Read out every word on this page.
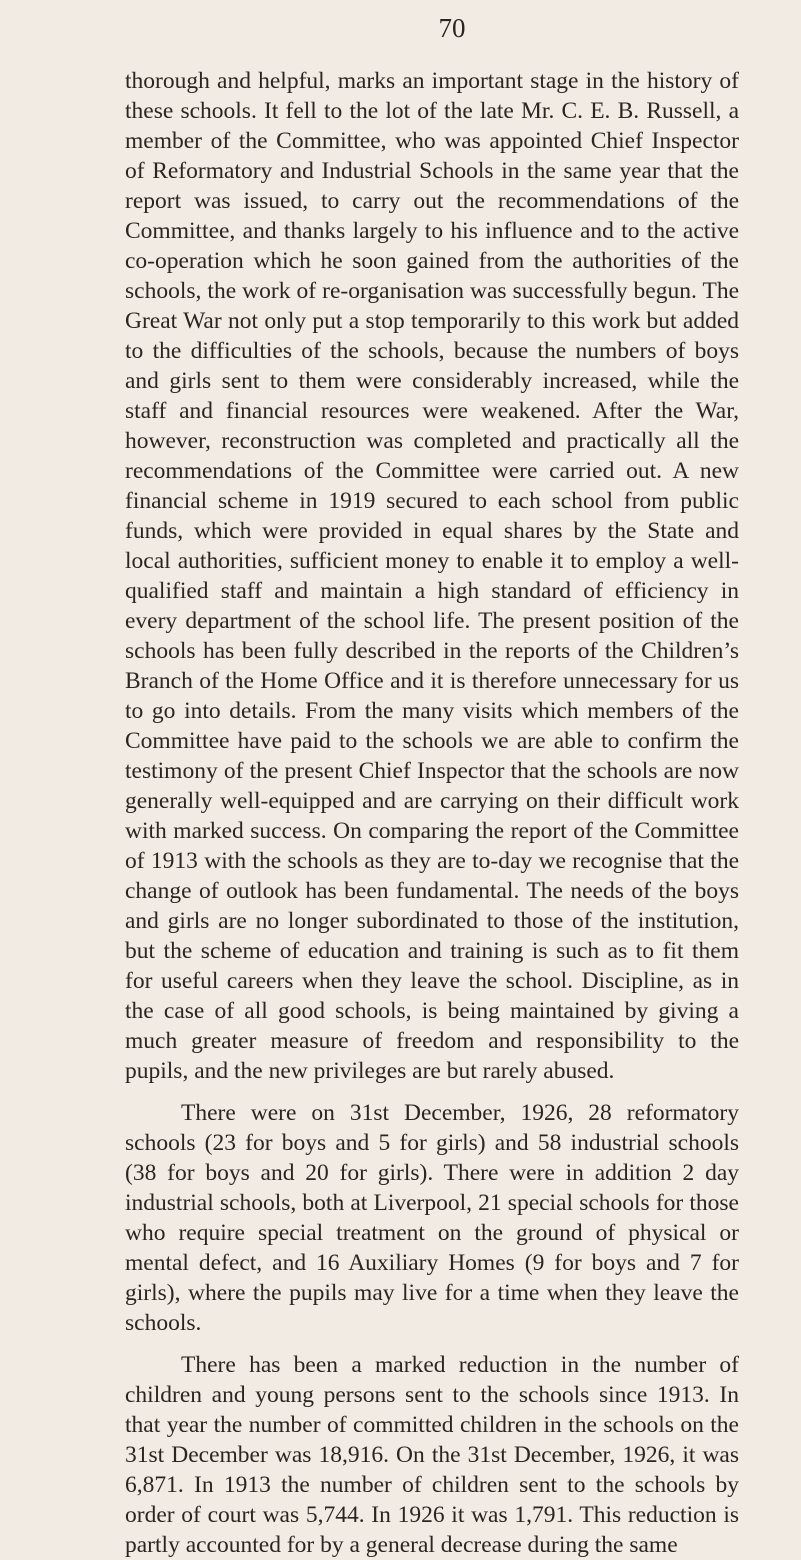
70

thorough and helpful, marks an important stage in the history of these schools. It fell to the lot of the late Mr. C. E. B. Russell, a member of the Committee, who was appointed Chief Inspector of Reformatory and Industrial Schools in the same year that the report was issued, to carry out the recommendations of the Committee, and thanks largely to his influence and to the active co-operation which he soon gained from the authorities of the schools, the work of re-organisation was successfully begun. The Great War not only put a stop temporarily to this work but added to the difficulties of the schools, because the numbers of boys and girls sent to them were considerably increased, while the staff and financial resources were weakened. After the War, however, reconstruction was completed and practically all the recommendations of the Committee were carried out. A new financial scheme in 1919 secured to each school from public funds, which were provided in equal shares by the State and local authorities, sufficient money to enable it to employ a well-qualified staff and maintain a high standard of efficiency in every department of the school life. The present position of the schools has been fully described in the reports of the Children’s Branch of the Home Office and it is therefore unnecessary for us to go into details. From the many visits which members of the Committee have paid to the schools we are able to confirm the testimony of the present Chief Inspector that the schools are now generally well-equipped and are carrying on their difficult work with marked success. On comparing the report of the Committee of 1913 with the schools as they are to-day we recognise that the change of outlook has been fundamental. The needs of the boys and girls are no longer subordinated to those of the institution, but the scheme of education and training is such as to fit them for useful careers when they leave the school. Discipline, as in the case of all good schools, is being maintained by giving a much greater measure of freedom and responsibility to the pupils, and the new privileges are but rarely abused.

There were on 31st December, 1926, 28 reformatory schools (23 for boys and 5 for girls) and 58 industrial schools (38 for boys and 20 for girls). There were in addition 2 day industrial schools, both at Liverpool, 21 special schools for those who require special treatment on the ground of physical or mental defect, and 16 Auxiliary Homes (9 for boys and 7 for girls), where the pupils may live for a time when they leave the schools.

There has been a marked reduction in the number of children and young persons sent to the schools since 1913. In that year the number of committed children in the schools on the 31st December was 18,916. On the 31st December, 1926, it was 6,871. In 1913 the number of children sent to the schools by order of court was 5,744. In 1926 it was 1,791. This reduction is partly accounted for by a general decrease during the same
